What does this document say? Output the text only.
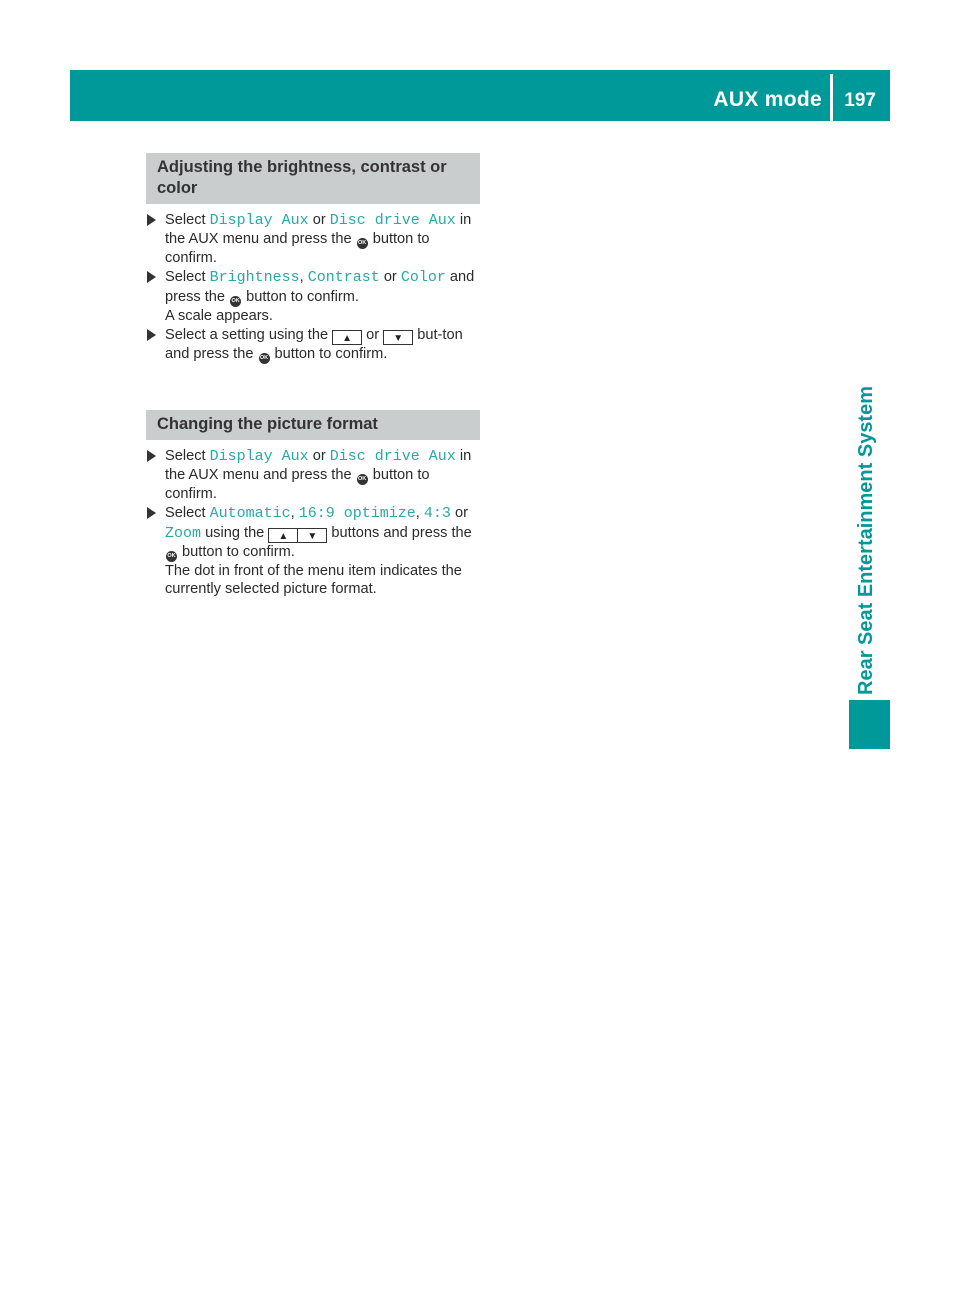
AUX mode 197
Rear Seat Entertainment System
Adjusting the brightness, contrast or color
Select Display Aux or Disc drive Aux in the AUX menu and press the OK button to confirm.
Select Brightness, Contrast or Color and press the OK button to confirm.
A scale appears.
Select a setting using the ▲ or ▼ but-ton and press the OK button to confirm.
Changing the picture format
Select Display Aux or Disc drive Aux in the AUX menu and press the OK button to confirm.
Select Automatic, 16:9 optimize, 4:3 or Zoom using the ▲ ▼ buttons and press the OK button to confirm.
The dot in front of the menu item indicates the currently selected picture format.
